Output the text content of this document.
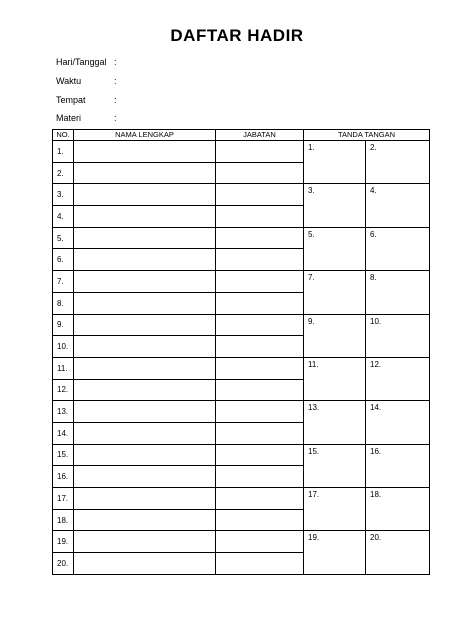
DAFTAR HADIR
Hari/Tanggal :
Waktu	:
Tempat	:
Materi	:
NO.	NAMA LENGKAP	JABATAN	TANDA TANGAN	
1.			1.	2.
2.				
3.			3.	4.
4.				
5.			5.	6.
6.				
7.			7.	8.
8.				
9.			9.	10.
10.				
11.			11.	12.
12.				
13.			13.	14.
14.				
15.			15.	16.
16.				
17.			17.	18.
18.				
19.			19.	20.
20.				
